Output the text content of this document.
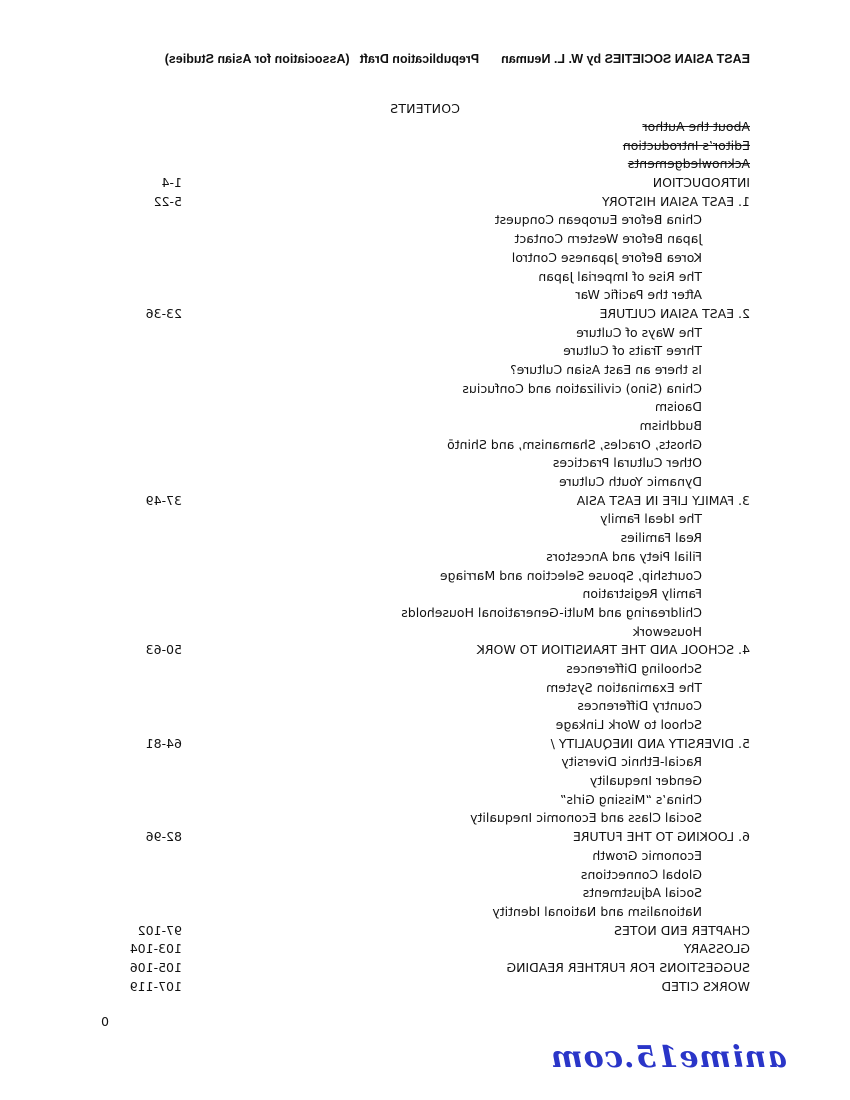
EAST ASIAN SOCIETIES by W. L. NeumanPrepublication Draft(Association for Asian Studies)
CONTENTS
About the Author
Editor’s Introduction
Acknowledgements
INTRODUCTION
1-4
1. EAST ASIAN HISTORY
5-22
China Before European Conquest
Japan Before Western Contact
Korea Before Japanese Control
The Rise of Imperial Japan
After the Pacific War
2. EAST ASIAN CULTURE
23-36
The Ways of Culture
Three Traits of Culture
Is there an East Asian Culture?
China (Sino) civilization and Confucius
Daoism
Buddhism
Ghosts, Oracles, Shamanism, and Shintō
Other Cultural Practices
Dynamic Youth Culture
3. FAMILY LIFE IN EAST ASIA
37-49
The Ideal Family
Real Families
Filial Piety and Ancestors
Courtship, Spouse Selection and Marriage
Family Registration
Childrearing and Multi-Generational Households
Housework
4. SCHOOL AND THE TRANSITION TO WORK
50-63
Schooling Differences
The Examination System
Country Differences
School to Work Linkage
5. DIVERSITY AND INEQUALITY /
64-81
Racial-Ethnic Diversity
Gender Inequality
China’s “Missing Girls”
Social Class and Economic Inequality
6. LOOKING TO THE FUTURE
82-96
Economic Growth
Global Connections
Social Adjustments
Nationalism and National Identity
CHAPTER END NOTES
97-102
GLOSSARY
103-104
SUGGESTIONS FOR FURTHER READING
105-106
WORKS CITED
107-119
0
anime15.com
